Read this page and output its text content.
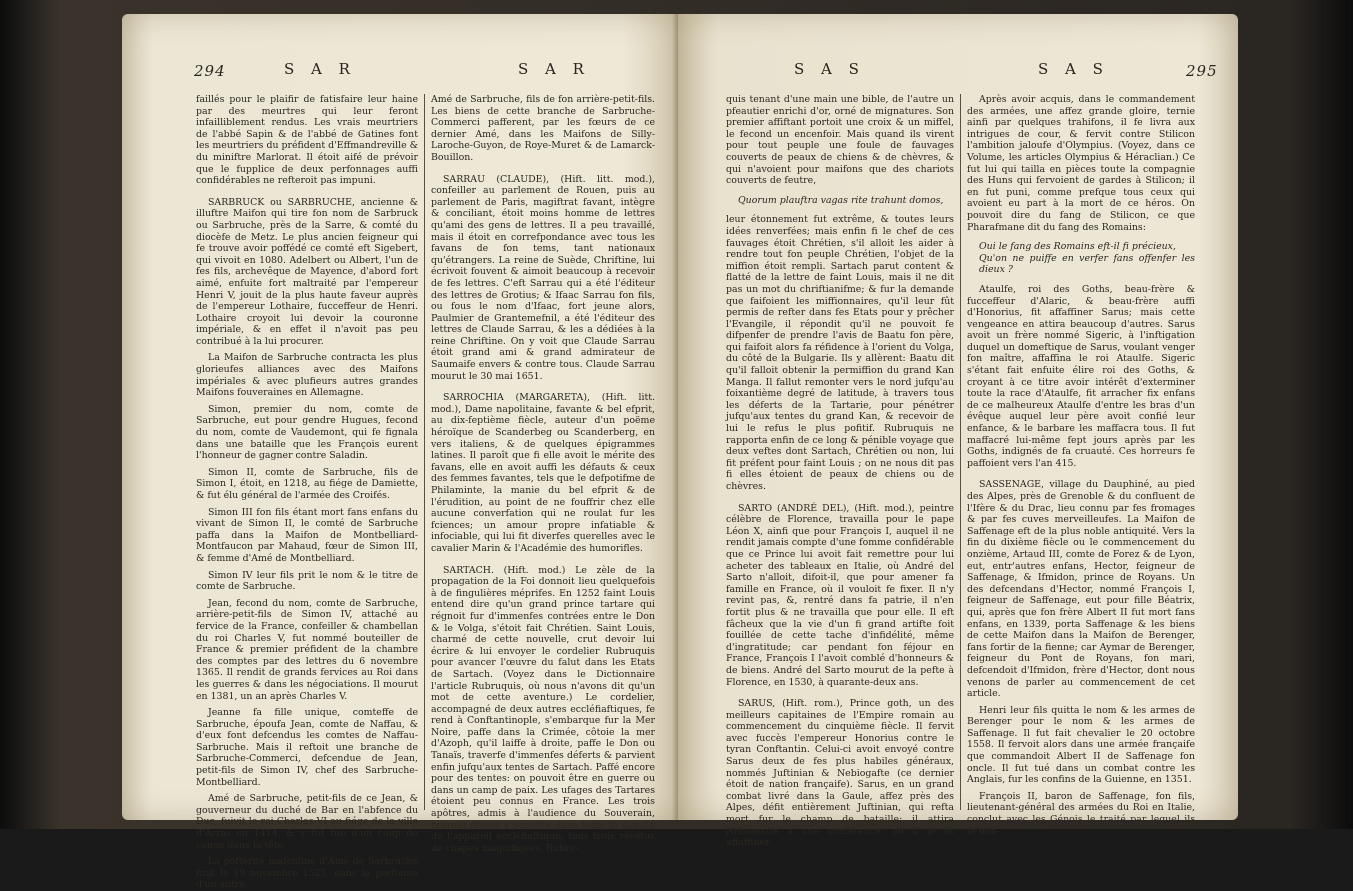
294	S A R	S A R

faillés pour le plaifir de fatisfaire leur haine par des meurtres qui leur feront infailliblement rendus. Les vrais meurtriers de l'abbé Sapin & de l'abbé de Gatines font les meurtriers du préfident d'Effmandreville & du miniftre Marlorat. Il étoit aifé de prévoir que le fupplice de deux perfonnages auffi confidérables ne refteroit pas impuni.

SARBRUCK ou SARBRUCHE, ancienne & illuftre Maifon qui tire fon nom de Sarbruck ou Sarbruche, près de la Sarre, & comté du diocèfe de Metz. Le plus ancien feigneur qui fe trouve avoir poffédé ce comté eft Sigebert, qui vivoit en 1080. Adelbert ou Albert, l'un de fes fils, archevêque de Mayence, d'abord fort aimé, enfuite fort maltraité par l'empereur Henri V, jouit de la plus haute faveur auprès de l'empereur Lothaire, fucceffeur de Henri. Lothaire croyoit lui devoir la couronne impériale, & en effet il n'avoit pas peu contribué à la lui procurer.

La Maifon de Sarbruche contracta les plus glorieufes alliances avec des Maifons impériales & avec plufieurs autres grandes Maifons fouveraines en Allemagne.

Simon, premier du nom, comte de Sarbruche, eut pour gendre Hugues, fecond du nom, comte de Vaudemont, qui fe fignala dans une bataille que les François eurent l'honneur de gagner contre Saladin.

Simon II, comte de Sarbruche, fils de Simon I, étoit, en 1218, au fiége de Damiette, & fut élu général de l'armée des Croifés.

Simon III fon fils étant mort fans enfans du vivant de Simon II, le comté de Sarbruche paffa dans la Maifon de Montbelliard-Montfaucon par Mahaud, fœur de Simon III, & femme d'Amé de Montbelliard.

Simon IV leur fils prit le nom & le titre de comte de Sarbruche.

Jean, fecond du nom, comte de Sarbruche, arrière-petit-fils de Simon IV, attaché au fervice de la France, confeiller & chambellan du roi Charles V, fut nommé bouteiller de France & premier préfident de la chambre des comptes par des lettres du 6 novembre 1365. Il rendit de grands fervices au Roi dans les guerres & dans les négociations. Il mourut en 1381, un an après Charles V.

Jeanne fa fille unique, comteffe de Sarbruche, époufa Jean, comte de Naffau, & d'eux font defcendus les comtes de Naffau-Sarbruche. Mais il reftoit une branche de Sarbruche-Commerci, defcendue de Jean, petit-fils de Simon IV, chef des Sarbruche-Montbelliard.

Amé de Sarbruche, petit-fils de ce Jean, & gouverneur du duché de Bar en l'abfence du Duc, fuivit le roi Charles VI au fiége de la ville d'Arras en 1414, & y fut tué d'un coup de canon dans la tête.

La poftérité mafculine d'Amé de Sarbruche finit le 19 novembre 1525, dans la perfonne d'un autre

Amé de Sarbruche, fils de fon arrière-petit-fils. Les biens de cette branche de Sarbruche-Commerci pafferent, par les fœurs de ce dernier Amé, dans les Maifons de Silly-Laroche-Guyon, de Roye-Muret & de Lamarck-Bouillon.

SARRAU (CLAUDE), (Hift. litt. mod.), confeiller au parlement de Rouen, puis au parlement de Paris, magiftrat favant, intègre & conciliant, étoit moins homme de lettres qu'ami des gens de lettres. Il a peu travaillé, mais il étoit en correfpondance avec tous les favans de fon tems, tant nationaux qu'étrangers. La reine de Suède, Chriftine, lui écrivoit fouvent & aimoit beaucoup à recevoir de fes lettres. C'eft Sarrau qui a été l'éditeur des lettres de Grotius; & Ifaac Sarrau fon fils, ou fous le nom d'Ifaac, fort jeune alors, Paulmier de Grantemefnil, a été l'éditeur des lettres de Claude Sarrau, & les a dédiées à la reine Chriftine. On y voit que Claude Sarrau étoit grand ami & grand admirateur de Saumaife envers & contre tous. Claude Sarrau mourut le 30 mai 1651.

SARROCHIA (MARGARETA), (Hift. litt. mod.), Dame napolitaine, favante & bel efprit, au dix-feptième fiècle, auteur d'un poëme héroïque de Scanderbeg ou Scanderberg, en vers italiens, & de quelques épigrammes latines. Il paroît que fi elle avoit le mérite des favans, elle en avoit auffi les défauts & ceux des femmes favantes, tels que le defpotifme de Philaminte, la manie du bel efprit & de l'érudition, au point de ne fouffrir chez elle aucune converfation qui ne roulat fur les fciences; un amour propre infatiable & infociable, qui lui fit diverfes querelles avec le cavalier Marin & l'Académie des humorifles.

SARTACH. (Hift. mod.) Le zèle de la propagation de la Foi donnoit lieu quelquefois à de fingulières méprifes. En 1252 faint Louis entend dire qu'un grand prince tartare qui régnoit fur d'immenfes contrées entre le Don & le Volga, s'étoit fait Chrétien. Saint Louis, charmé de cette nouvelle, crut devoir lui écrire & lui envoyer le cordelier Rubruquis pour avancer l'œuvre du falut dans les Etats de Sartach. (Voyez dans le Dictionnaire l'article Rubruquis, où nous n'avons dit qu'un mot de cette aventure.) Le cordelier, accompagné de deux autres eccléfiaftiques, fe rend à Conftantinople, s'embarque fur la Mer Noire, paffe dans la Crimée, côtoie la mer d'Azoph, qu'il laiffe à droite, paffe le Don ou Tanaïs, traverfe d'immenfes déferts & parvient enfin jufqu'aux tentes de Sartach. Paffé encore pour des tentes: on pouvoit être en guerre ou dans un camp de paix. Les ufages des Tartares étoient peu connus en France. Les trois apôtres, admis à l'audience du Souverain, crurent devoir y paroître dans toute la dignité de l'appareil eccléfiaftique, tous trois revêtus de chapes magnifiques, Rubru-

S A S	S A S	295

quis tenant d'une main une bible, de l'autre un pfeautier enrichi d'or, orné de mignatures. Son premier affiftant portoit une croix & un miffel, le fecond un encenfoir. Mais quand ils virent pour tout peuple une foule de fauvages couverts de peaux de chiens & de chèvres, & qui n'avoient pour maifons que des chariots couverts de feutre,

Quorum plauftra vagas rite trahunt domos,

leur étonnement fut extrême, & toutes leurs idées renverfées; mais enfin fi le chef de ces fauvages étoit Chrétien, s'il alloit les aider à rendre tout fon peuple Chrétien, l'objet de la miffion étoit rempli. Sartach parut content & flatté de la lettre de faint Louis, mais il ne dit pas un mot du chriftianifme; & fur la demande que faifoient les miffionnaires, qu'il leur fût permis de refter dans fes Etats pour y prêcher l'Evangile, il répondit qu'il ne pouvoit fe difpenfer de prendre l'avis de Baatu fon père, qui faifoit alors fa réfidence à l'orient du Volga, du côté de la Bulgarie. Ils y allèrent: Baatu dit qu'il falloit obtenir la permiffion du grand Kan Manga. Il fallut remonter vers le nord jufqu'au foixantième degré de latitude, à travers tous les déferts de la Tartarie, pour pénétrer jufqu'aux tentes du grand Kan, & recevoir de lui le refus le plus pofitif. Rubruquis ne rapporta enfin de ce long & pénible voyage que deux veftes dont Sartach, Chrétien ou non, lui fit préfent pour faint Louis ; on ne nous dit pas fi elles étoient de peaux de chiens ou de chèvres.

SARTO (ANDRÉ DEL), (Hift. mod.), peintre célèbre de Florence, travailla pour le pape Léon X, ainfi que pour François I, auquel il ne rendit jamais compte d'une fomme confidérable que ce Prince lui avoit fait remettre pour lui acheter des tableaux en Italie, où André del Sarto n'alloit, difoit-il, que pour amener fa famille en France, où il vouloit fe fixer. Il n'y revint pas, &, rentré dans fa patrie, il n'en fortit plus & ne travailla que pour elle. Il eft fâcheux que la vie d'un fi grand artifte foit fouillée de cette tache d'infidélité, même d'ingratitude; car pendant fon féjour en France, François I l'avoit comblé d'honneurs & de biens. André del Sarto mourut de la pefte à Florence, en 1530, à quarante-deux ans.

SARUS, (Hift. rom.), Prince goth, un des meilleurs capitaines de l'Empire romain au commencement du cinquième fiècle. Il fervit avec fuccès l'empereur Honorius contre le tyran Conftantin. Celui-ci avoit envoyé contre Sarus deux de fes plus habiles généraux, nommés Juftinian & Nebiogafte (ce dernier étoit de nation françaife). Sarus, en un grand combat livré dans la Gaule, affez près des Alpes, défit entièrement Juftinian, qui refta mort fur le champ de bataille: il attira Nebiogafte à une conférence, où il le fit affaffiner.

Après avoir acquis, dans le commandement des armées, une affez grande gloire, ternie ainfi par quelques trahifons, il fe livra aux intrigues de cour, & fervit contre Stilicon l'ambition jaloufe d'Olympius. (Voyez, dans ce Volume, les articles Olympius & Héraclian.) Ce fut lui qui tailla en pièces toute la compagnie des Huns qui fervoient de gardes à Stilicon; il en fut puni, comme prefque tous ceux qui avoient eu part à la mort de ce héros. On pouvoit dire du fang de Stilicon, ce que Pharafmane dit du fang des Romains:

Oui le fang des Romains eft-il fi précieux,
Qu'on ne puiffe en verfer fans offenfer les dieux ?

Ataulfe, roi des Goths, beau-frère & fucceffeur d'Alaric, & beau-frère auffi d'Honorius, fit affaffiner Sarus; mais cette vengeance en attira beaucoup d'autres. Sarus avoit un frère nommé Sigeric, à l'inftigation duquel un domeftique de Sarus, voulant venger fon maître, affaffina le roi Ataulfe. Sigeric s'étant fait enfuite élire roi des Goths, & croyant à ce titre avoir intérêt d'exterminer toute la race d'Ataulfe, fit arracher fix enfans de ce malheureux Ataulfe d'entre les bras d'un évêque auquel leur père avoit confié leur enfance, & le barbare les maffacra tous. Il fut maffacré lui-même fept jours après par les Goths, indignés de fa cruauté. Ces horreurs fe paffoient vers l'an 415.

SASSENAGE, village du Dauphiné, au pied des Alpes, près de Grenoble & du confluent de l'Ifère & du Drac, lieu connu par fes fromages & par fes cuves merveilleufes. La Maifon de Saffenage eft de la plus noble antiquité. Vers la fin du dixième fiècle ou le commencement du onzième, Artaud III, comte de Forez & de Lyon, eut, entr'autres enfans, Hector, feigneur de Saffenage, & Ifmidon, prince de Royans. Un des defcendans d'Hector, nommé François I, feigneur de Saffenage, eut pour fille Béatrix, qui, après que fon frère Albert II fut mort fans enfans, en 1339, porta Saffenage & les biens de cette Maifon dans la Maifon de Berenger, fans fortir de la fienne; car Aymar de Berenger, feigneur du Pont de Royans, fon mari, defcendoit d'Ifmidon, frère d'Hector, dont nous venons de parler au commencement de cet article.

Henri leur fils quitta le nom & les armes de Berenger pour le nom & les armes de Saffenage. Il fut fait chevalier le 20 octobre 1558. Il fervoit alors dans une armée françaife que commandoit Albert II de Saffenage fon oncle. Il fut tué dans un combat contre les Anglais, fur les confins de la Guienne, en 1351.

François II, baron de Saffenage, fon fils, lieutenant-général des armées du Roi en Italie, conclut avec les Génois le traité par lequel ils fe don-
